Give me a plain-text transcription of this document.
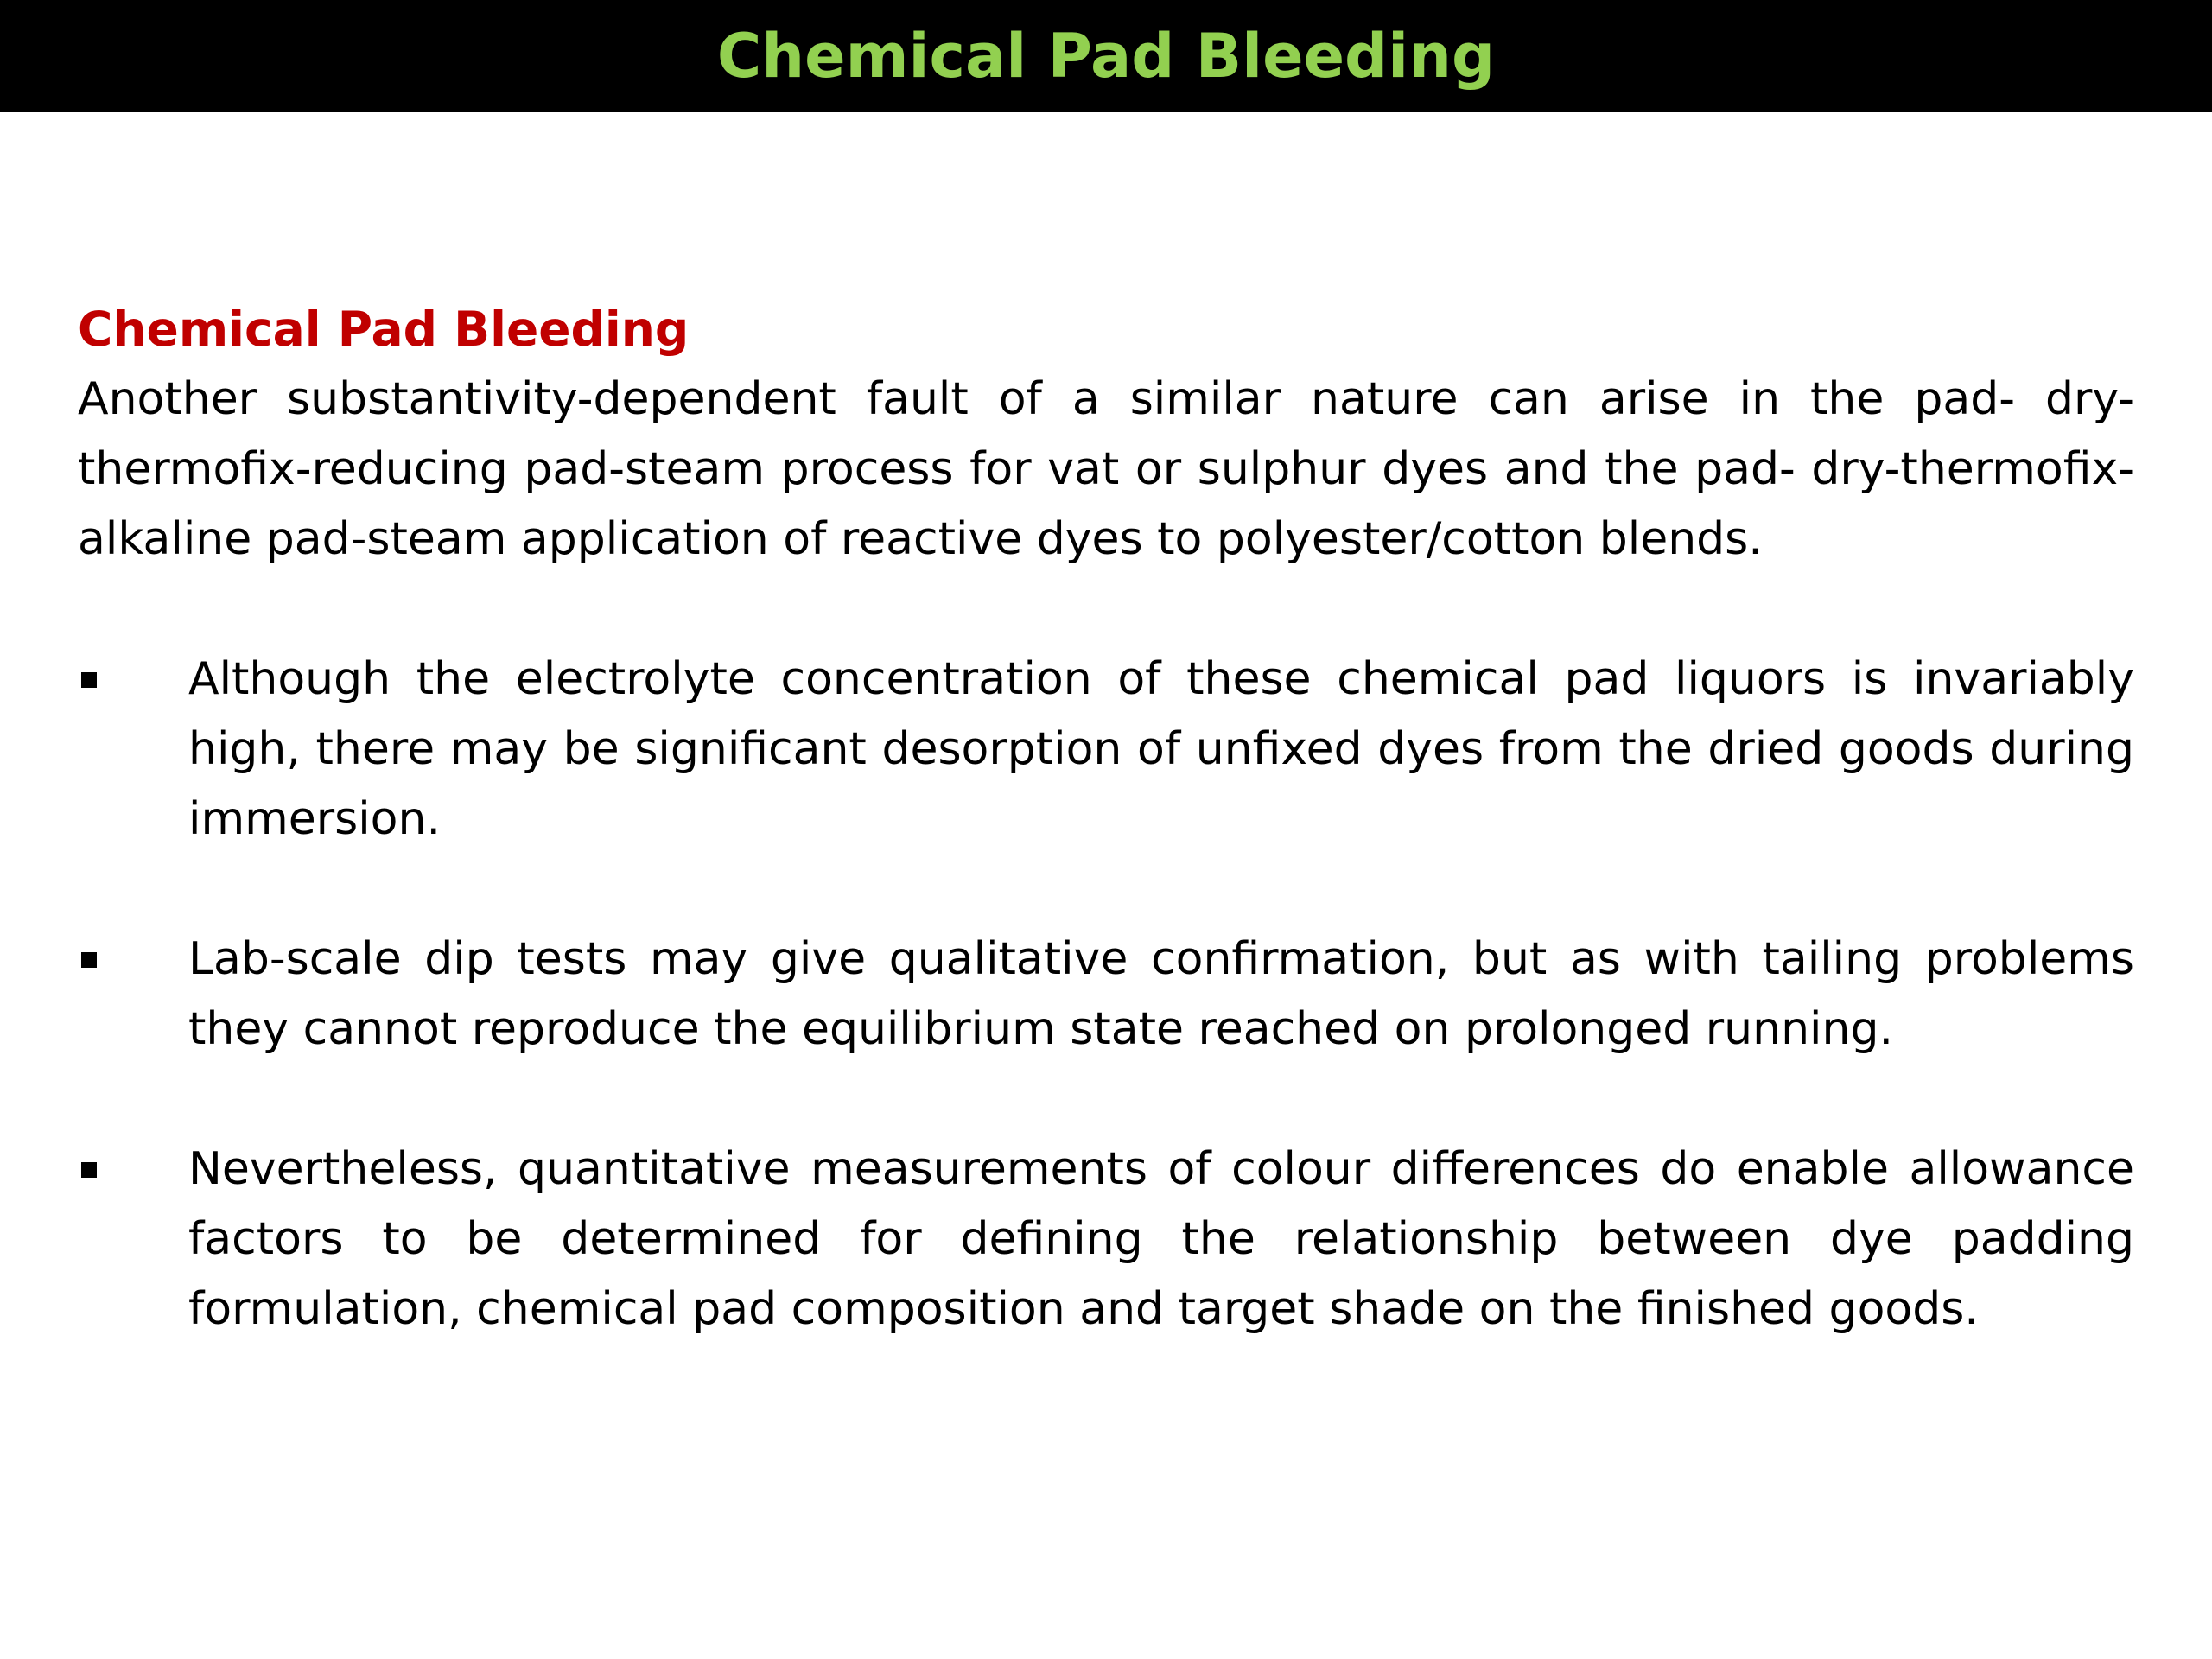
Chemical Pad Bleeding

Chemical Pad Bleeding

Another substantivity-dependent fault of a similar nature can arise in the pad- dry-thermofix-reducing pad-steam process for vat or sulphur dyes and the pad- dry-thermofix-alkaline pad-steam application of reactive dyes to polyester/cotton blends.

Although the electrolyte concentration of these chemical pad liquors is invariably high, there may be significant desorption of unfixed dyes from the dried goods during immersion.
Lab-scale dip tests may give qualitative confirmation, but as with tailing problems they cannot reproduce the equilibrium state reached on prolonged running.
Nevertheless, quantitative measurements of colour differences do enable allowance factors to be determined for defining the relationship between dye padding formulation, chemical pad composition and target shade on the finished goods.
